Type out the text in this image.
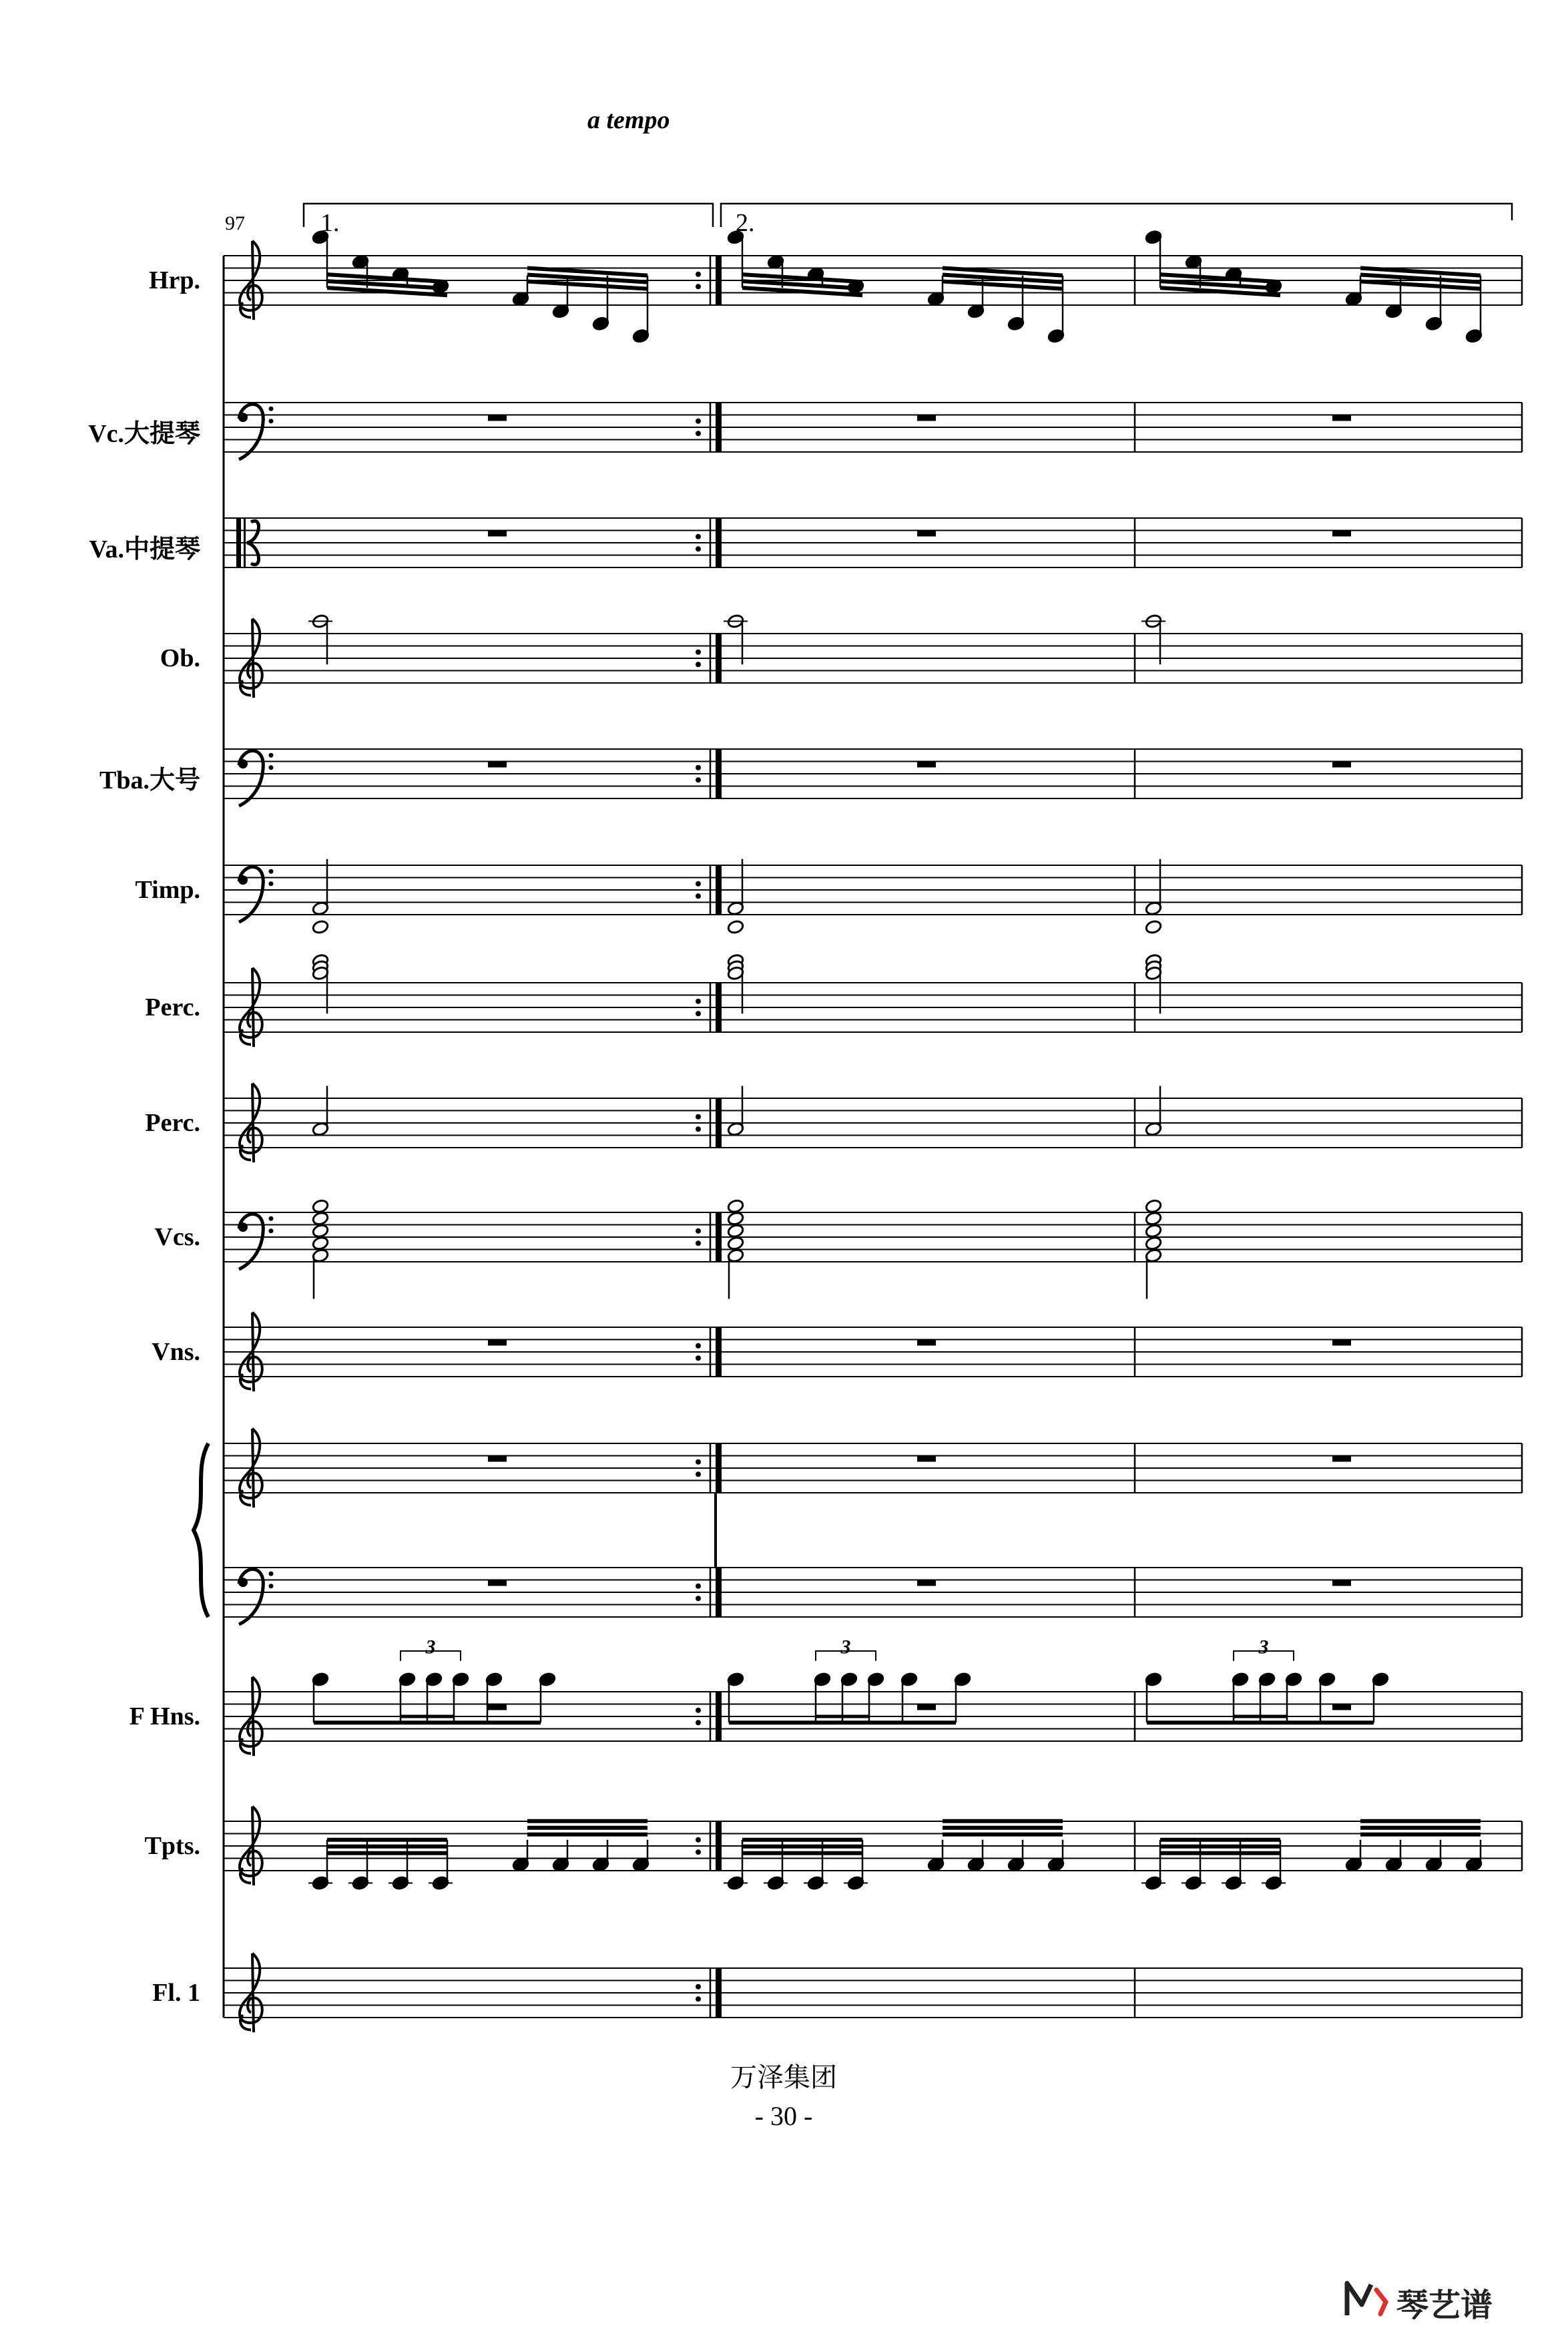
3	3	3
a tempo
97	1.	2.
Hrp.
Vc.大提琴
Va.中提琴
Ob.
Tba.大号
Timp.
Perc.
Perc.
Vcs.
Vns.
F Hns.
Tpts.
Fl. 1
万泽集团
- 30 -
琴艺谱
